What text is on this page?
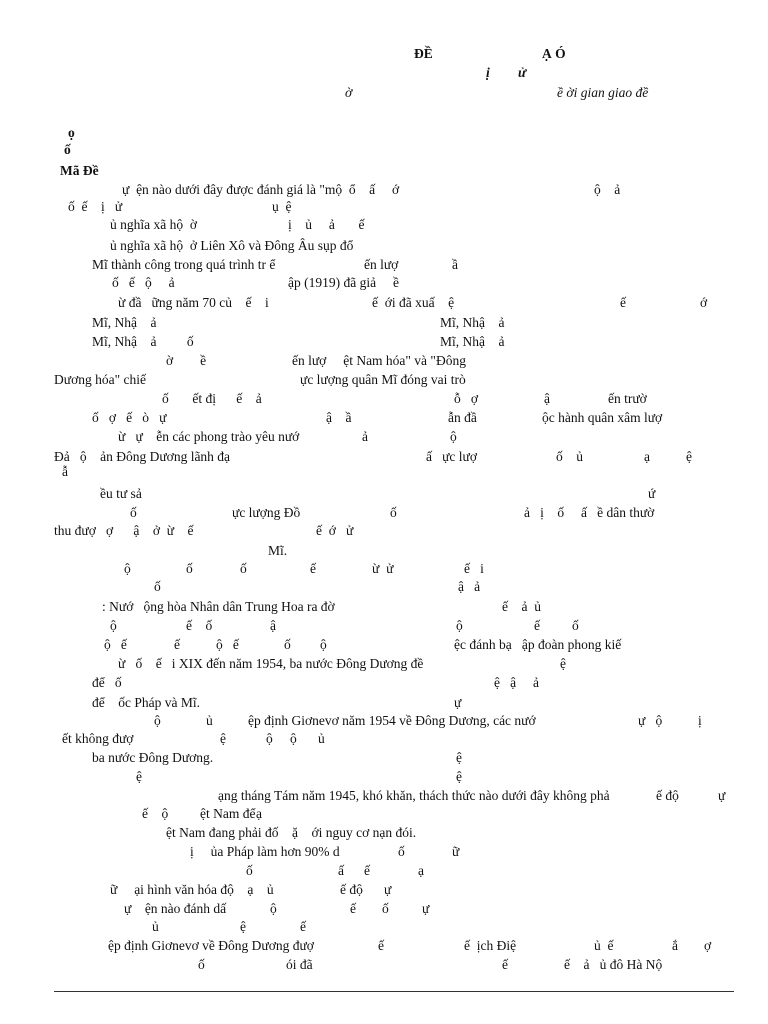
ĐỀ	Ạ Ó
ị ử
ờ	ề ời gian giao đề
ọ
ố
Mã Đề
ự  ện nào dưới đây được đánh giá là "mộ  ổ    ấ     ớ	ộ    ả
ố  ế    ị   ử	ụ  ệ
ủ nghĩa xã hộ  ờ	ị    ủ     ả       ế
ủ nghĩa xã hộ  ở Liên Xô và Đông Âu sụp đổ
Mĩ thành công trong quá trình tr ể	ến lượ	ầ
ố   ế   ộ     ả	ập (1919) đã giả     ề
ừ đầ   ững năm 70 củ    ế    i	ế  ới đã xuấ    ệ	ế	ớ
Mĩ, Nhậ    ả	Mĩ, Nhậ    ả
Mĩ, Nhậ    ả         ố	Mĩ, Nhậ    ả
ờ        ề	ến lượ     ệt Nam hóa" và "Đông
Dương hóa" chiế	ực lượng quân Mĩ đóng vai trò
ố       ết đị      ế    ả	ỗ   ợ	ậ	ến trườ
ố   ợ   ế   ò   ự	ậ    ầ	ẫn đầ	ộc hành quân xâm lượ
ừ   ự    ễn các phong trào yêu nướ	ả	ộ
Đả   ộ    ản Đông Dương lãnh đạ	ấ   ực lượ	ố    ủ	ạ	ệ
ẫ
ều tư sả	ứ
ố	ực lượng Đồ	ố	ả   ị    ố     ấ   ề dân thườ
thu đượ   ợ      ậ    ở  ừ    ế	ế  ớ   ử
Mĩ.
ộ	ố	ố	ế	ừ  ử	ế   i
ố	ậ   ả
: Nướ   ộng hòa Nhân dân Trung Hoa ra đờ	ế    ả  ủ
ộ	ế    ố	ậ	ộ	ế ố
ộ   ế	ế	ộ   ế	ố ộ	ệc đánh bạ   ập đoàn phong kiế
ừ   ố    ế   i XIX đến năm 1954, ba nước Đông Dương đề	ệ
để   ố	ệ   ậ     ả
để    ốc Pháp và Mĩ.	ự
ộ	ủ	ệp định Giơnevơ năm 1954 về Đông Dương, các nướ	ự   ộ	ị
ết không đượ	ệ	ộ ộ ủ
ba nước Đông Dương.	ệ
ệ	ệ
ạng tháng Tám năm 1945, khó khăn, thách thức nào dưới đây không phả	ế độ	ự
ế    ộ ệt Nam để ạ
ệt Nam đang phải đố    ặ    ới nguy cơ nạn đói.
ị     ủa Pháp làm hơn 90% d	ố	ữ
ố	ấ ế	ạ
ữ     ại hình văn hóa độ    ạ    ủ	ế độ ự
ự    ện nào đánh dấ	ộ	ế ố ự
ủ	ệ	ế
ệp định Giơnevơ về Đông Dương đượ	ế	ế  ịch Điệ	ủ  ế	ắ ợ
ố	ói đã	ế	ế    ả   ủ đô Hà Nộ
